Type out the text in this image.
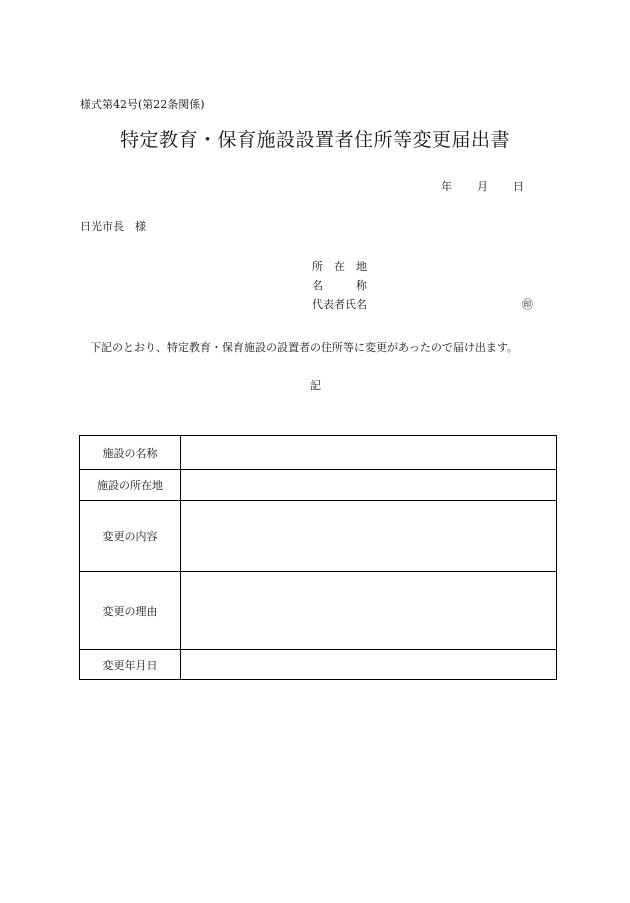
様式第42号(第22条関係)
特定教育・保育施設設置者住所等変更届出書
年 月 日
日光市長　様
所　在　地
名　　　称
代表者氏名	㊞
下記のとおり、特定教育・保育施設の設置者の住所等に変更があったので届け出ます。
記
施設の名称	
施設の所在地	
変更の内容	
変更の理由	
変更年月日	
